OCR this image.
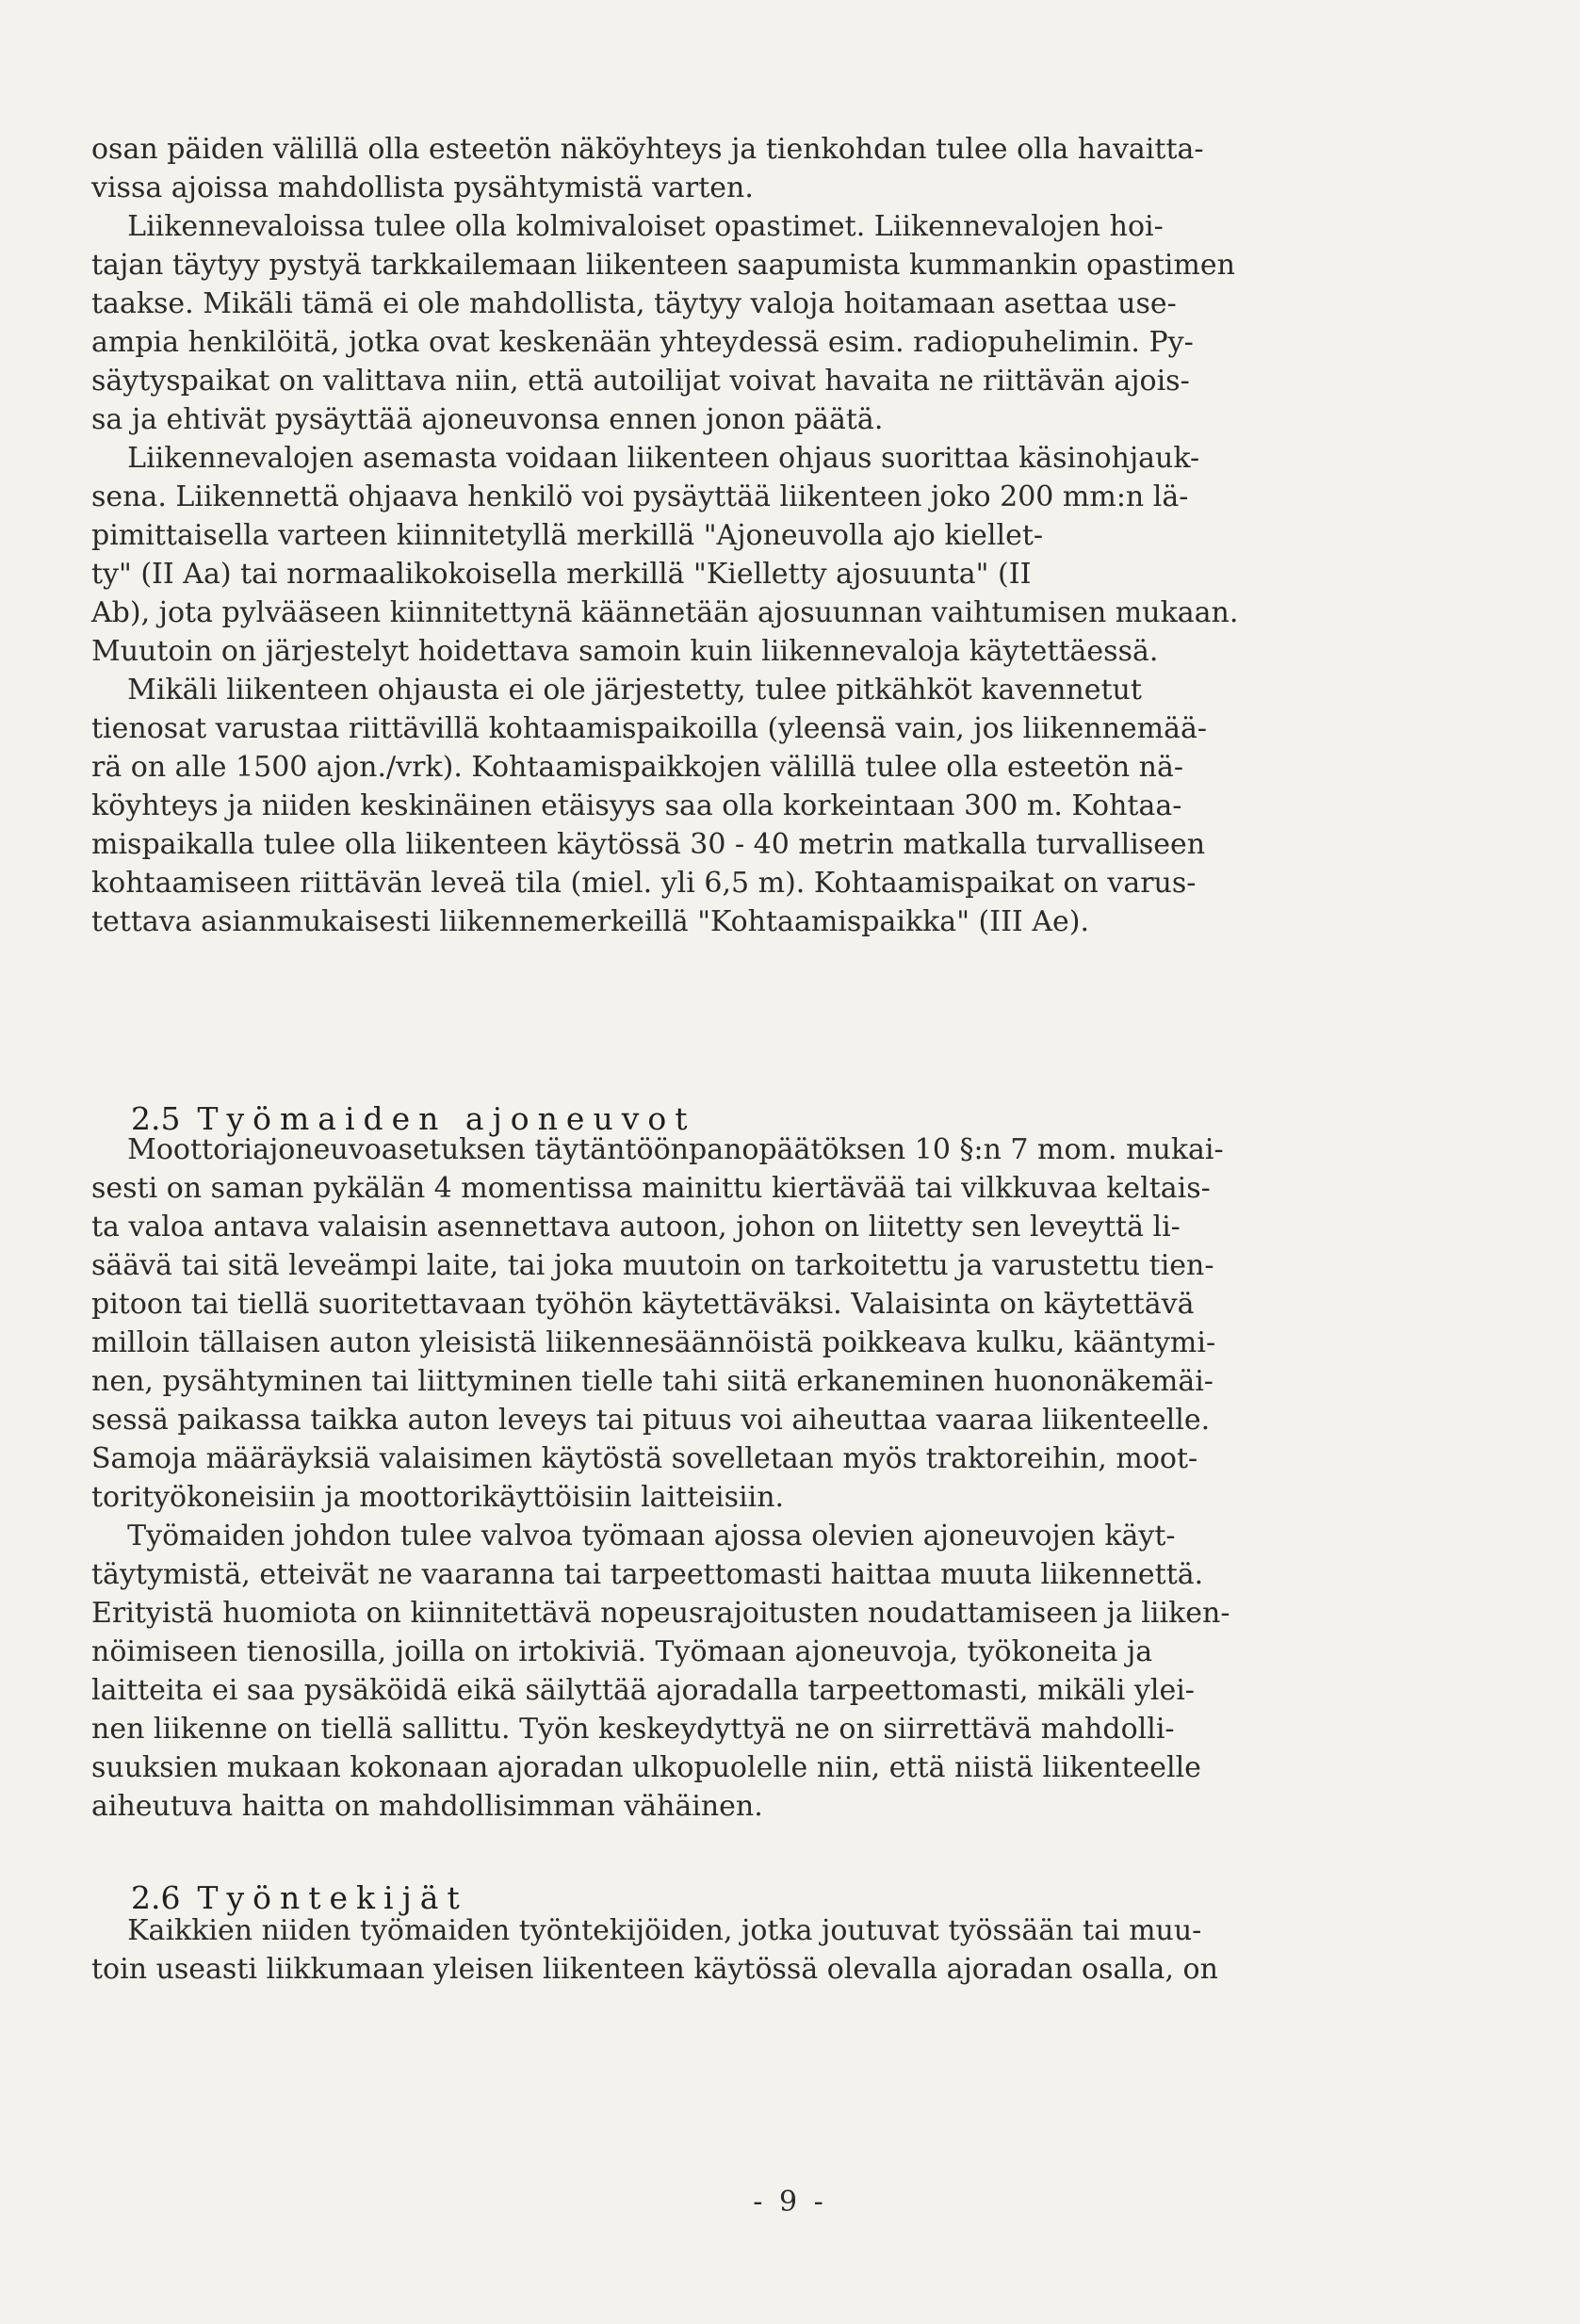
osan päiden välillä olla esteetön näköyhteys ja tienkohdan tulee olla havaitta-
vissa ajoissa mahdollista pysähtymistä varten.
Liikennevaloissa tulee olla kolmivaloiset opastimet. Liikennevalojen hoi-
tajan täytyy pystyä tarkkailemaan liikenteen saapumista kummankin opastimen
taakse. Mikäli tämä ei ole mahdollista, täytyy valoja hoitamaan asettaa use-
ampia henkilöitä, jotka ovat keskenään yhteydessä esim. radiopuhelimin. Py-
säytyspaikat on valittava niin, että autoilijat voivat havaita ne riittävän ajois-
sa ja ehtivät pysäyttää ajoneuvonsa ennen jonon päätä.
Liikennevalojen asemasta voidaan liikenteen ohjaus suorittaa käsinohjauk-
sena. Liikennettä ohjaava henkilö voi pysäyttää liikenteen joko 200 mm:n lä-
pimittaisella varteen kiinnitetyllä merkillä "Ajoneuvolla ajo kiellet-
ty" (II Aa) tai normaalikokoisella merkillä "Kielletty ajosuunta" (II
Ab), jota pylvääseen kiinnitettynä käännetään ajosuunnan vaihtumisen mukaan.
Muutoin on järjestelyt hoidettava samoin kuin liikennevaloja käytettäessä.
Mikäli liikenteen ohjausta ei ole järjestetty, tulee pitkähköt kavennetut
tienosat varustaa riittävillä kohtaamispaikoilla (yleensä vain, jos liikennemää-
rä on alle 1500 ajon./vrk). Kohtaamispaikkojen välillä tulee olla esteetön nä-
köyhteys ja niiden keskinäinen etäisyys saa olla korkeintaan 300 m. Kohtaa-
mispaikalla tulee olla liikenteen käytössä 30 - 40 metrin matkalla turvalliseen
kohtaamiseen riittävän leveä tila (miel. yli 6,5 m). Kohtaamispaikat on varus-
tettava asianmukaisesti liikennemerkeillä "Kohtaamispaikka" (III Ae).

2.5 Työmaiden ajoneuvot

Moottoriajoneuvoasetuksen täytäntöönpanopäätöksen 10 §:n 7 mom. mukai-
sesti on saman pykälän 4 momentissa mainittu kiertävää tai vilkkuvaa keltais-
ta valoa antava valaisin asennettava autoon, johon on liitetty sen leveyttä li-
säävä tai sitä leveämpi laite, tai joka muutoin on tarkoitettu ja varustettu tien-
pitoon tai tiellä suoritettavaan työhön käytettäväksi. Valaisinta on käytettävä
milloin tällaisen auton yleisistä liikennesäännöistä poikkeava kulku, kääntymi-
nen, pysähtyminen tai liittyminen tielle tahi siitä erkaneminen huononäkemäi-
sessä paikassa taikka auton leveys tai pituus voi aiheuttaa vaaraa liikenteelle.
Samoja määräyksiä valaisimen käytöstä sovelletaan myös traktoreihin, moot-
torityökoneisiin ja moottorikäyttöisiin laitteisiin.
Työmaiden johdon tulee valvoa työmaan ajossa olevien ajoneuvojen käyt-
täytymistä, etteivät ne vaaranna tai tarpeettomasti haittaa muuta liikennettä.
Erityistä huomiota on kiinnitettävä nopeusrajoitusten noudattamiseen ja liiken-
nöimiseen tienosilla, joilla on irtokiviä. Työmaan ajoneuvoja, työkoneita ja
laitteita ei saa pysäköidä eikä säilyttää ajoradalla tarpeettomasti, mikäli ylei-
nen liikenne on tiellä sallittu. Työn keskeydyttyä ne on siirrettävä mahdolli-
suuksien mukaan kokonaan ajoradan ulkopuolelle niin, että niistä liikenteelle
aiheutuva haitta on mahdollisimman vähäinen.

2.6 Työntekijät

Kaikkien niiden työmaiden työntekijöiden, jotka joutuvat työssään tai muu-
toin useasti liikkumaan yleisen liikenteen käytössä olevalla ajoradan osalla, on
- 9 -
